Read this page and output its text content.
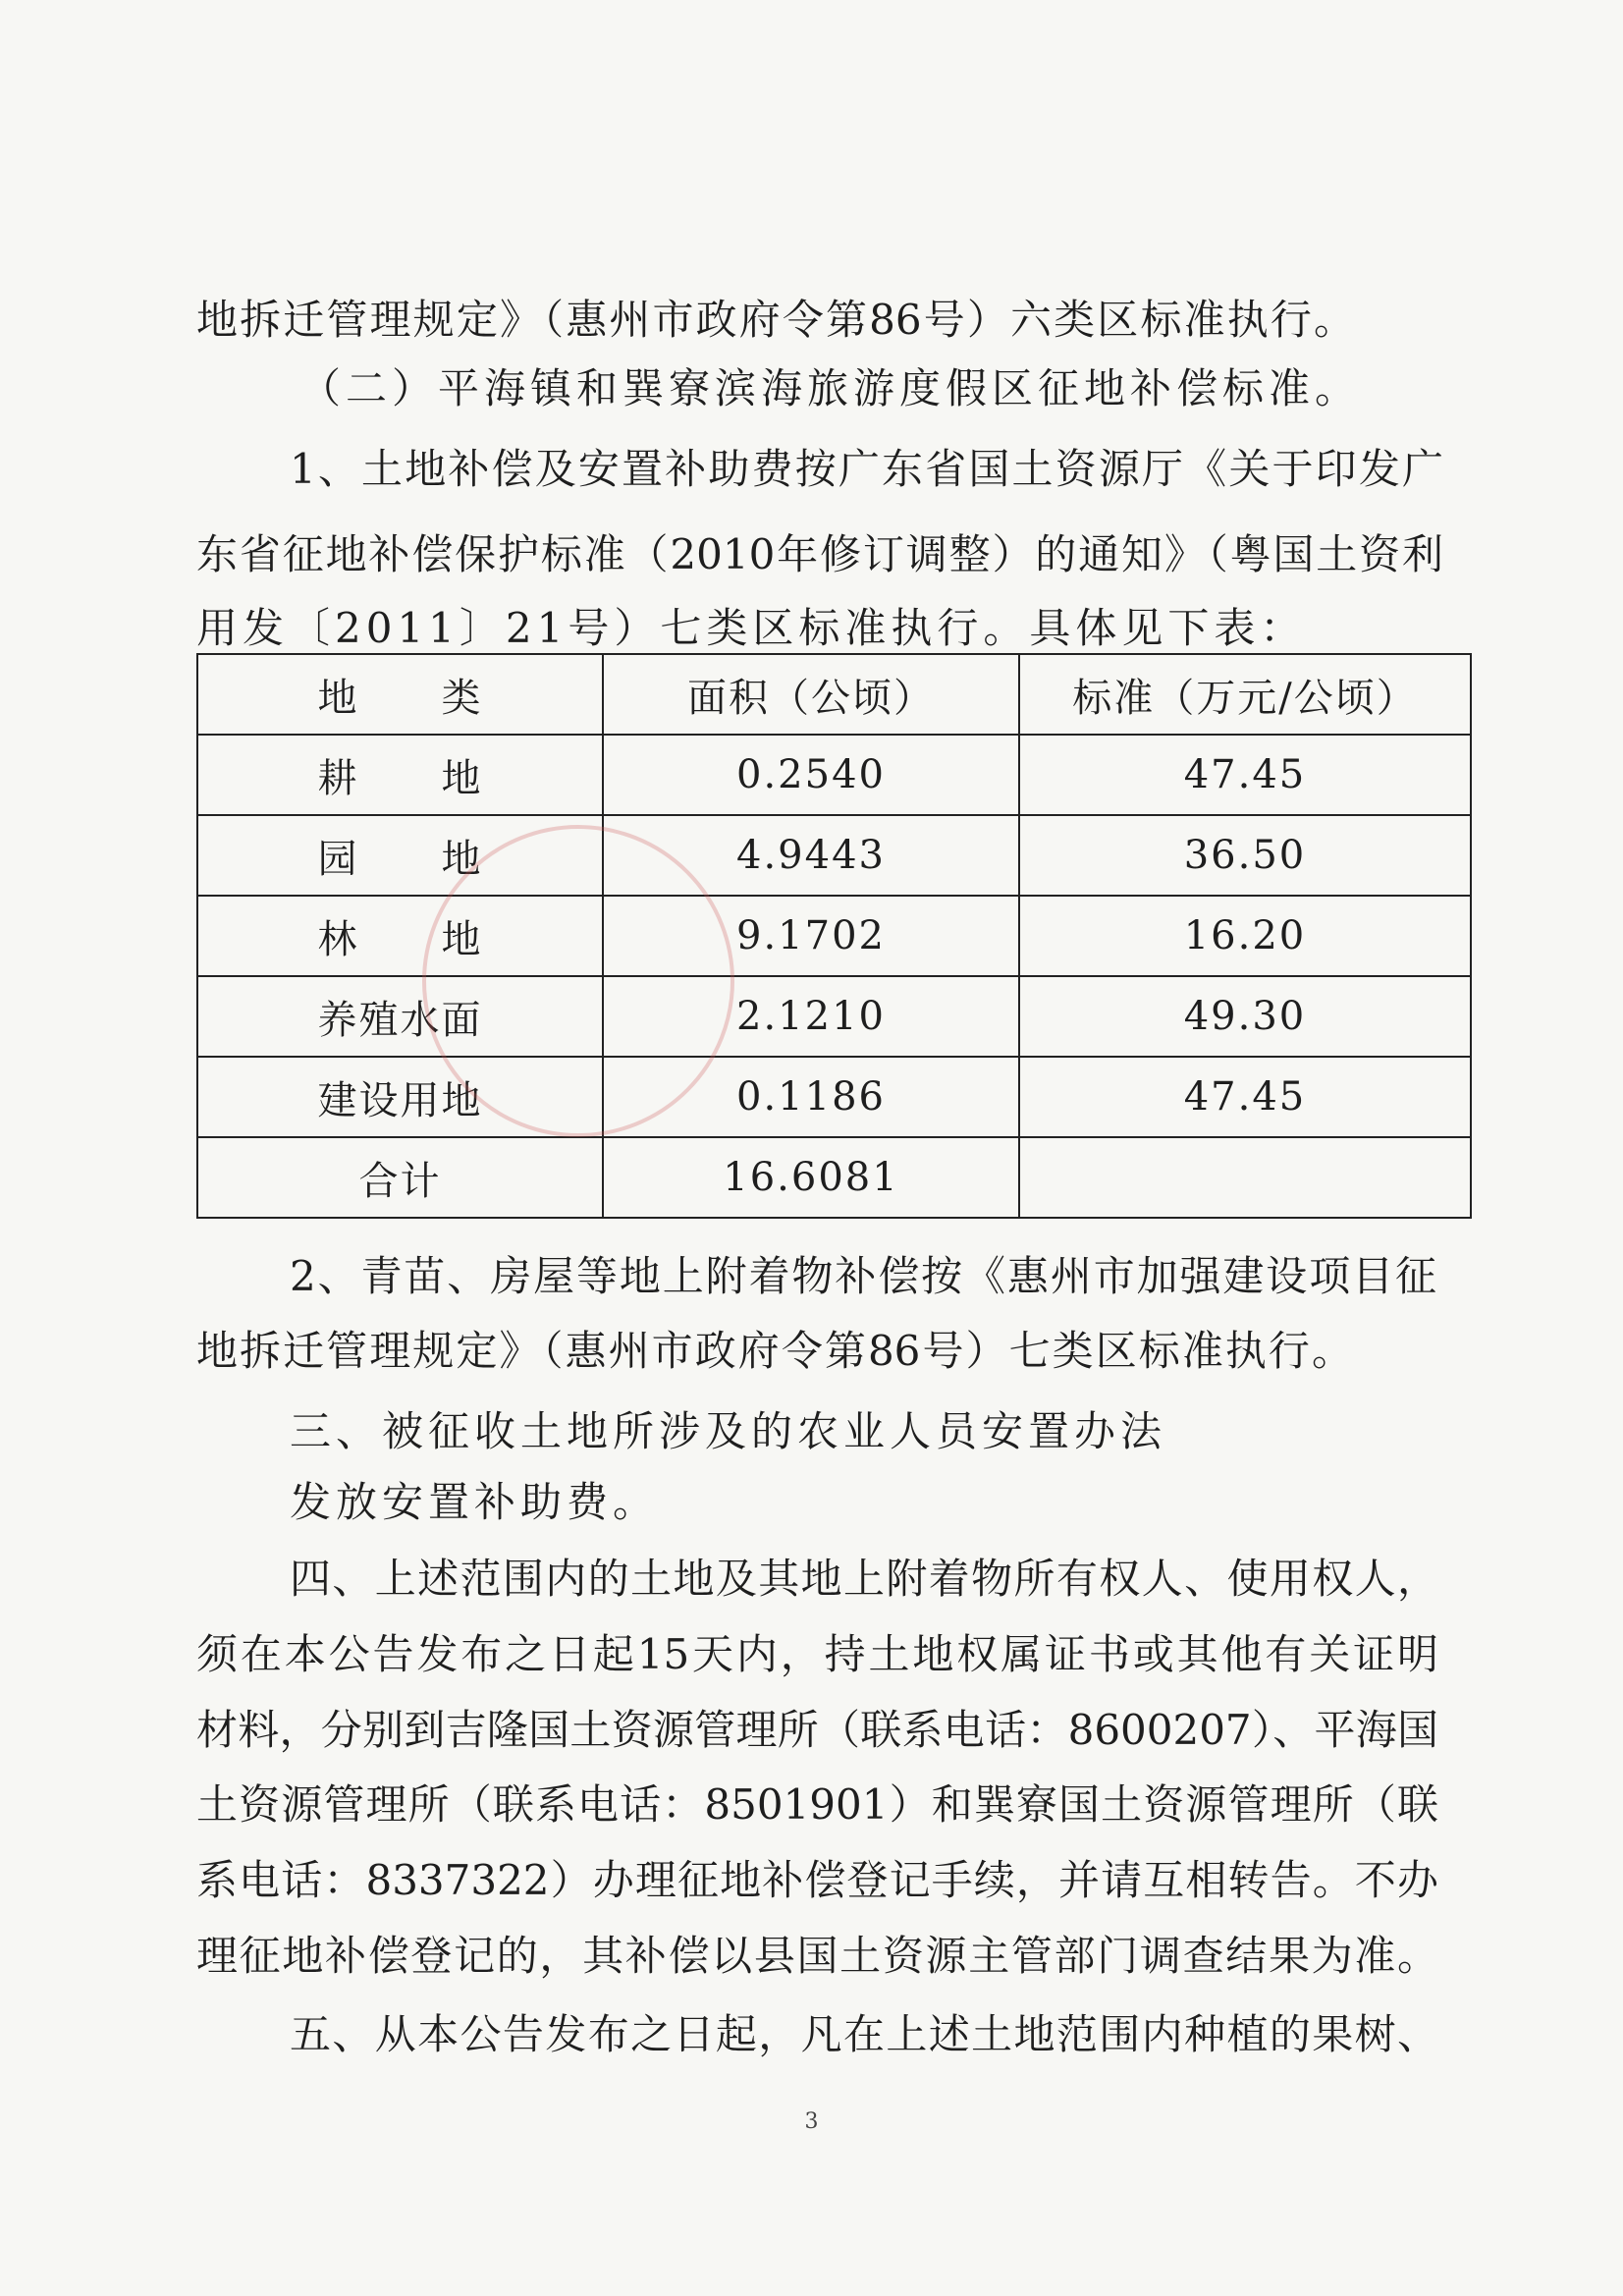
地拆迁管理规定》（惠州市政府令第86号）六类区标准执行。
（二）平海镇和巽寮滨海旅游度假区征地补偿标准。
1、土地补偿及安置补助费按广东省国土资源厅《关于印发广
东省征地补偿保护标准（2010年修订调整）的通知》（粤国土资利
用发〔2011〕21号）七类区标准执行。具体见下表：
地　　类	面积（公顷）	标准（万元/公顷）
耕　　地	0.2540	47.45
园　　地	4.9443	36.50
林　　地	9.1702	16.20
养殖水面	2.1210	49.30
建设用地	0.1186	47.45
合计	16.6081	
2、青苗、房屋等地上附着物补偿按《惠州市加强建设项目征
地拆迁管理规定》（惠州市政府令第86号）七类区标准执行。
三、被征收土地所涉及的农业人员安置办法
发放安置补助费。
四、上述范围内的土地及其地上附着物所有权人、使用权人，
须在本公告发布之日起15天内，持土地权属证书或其他有关证明
材料，分别到吉隆国土资源管理所（联系电话：8600207）、平海国
土资源管理所（联系电话：8501901）和巽寮国土资源管理所（联
系电话：8337322）办理征地补偿登记手续，并请互相转告。不办
理征地补偿登记的，其补偿以县国土资源主管部门调查结果为准。
五、从本公告发布之日起，凡在上述土地范围内种植的果树、
3
